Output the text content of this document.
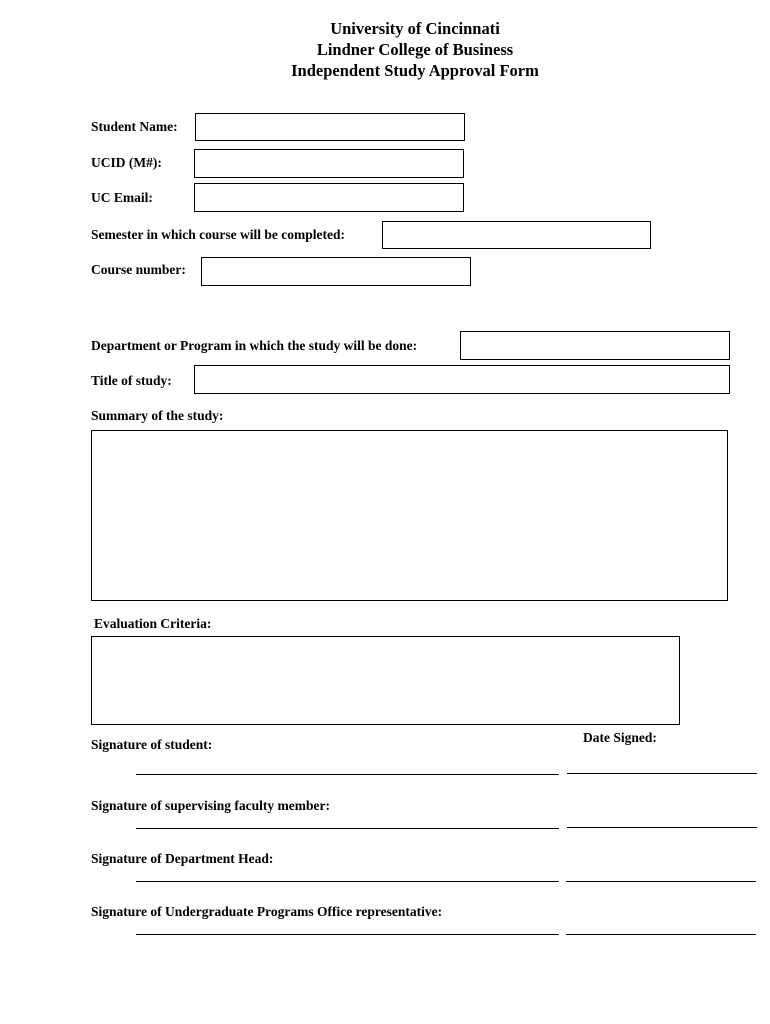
University of Cincinnati
Lindner College of Business
Independent Study Approval Form
Student Name:
UCID (M#):
UC Email:
Semester in which course will be completed:
Course number:
Department or Program in which the study will be done:
Title of study:
Summary of the study:
Evaluation Criteria:
Date Signed:
Signature of student:
Signature of supervising faculty member:
Signature of Department Head:
Signature of Undergraduate Programs Office representative:
